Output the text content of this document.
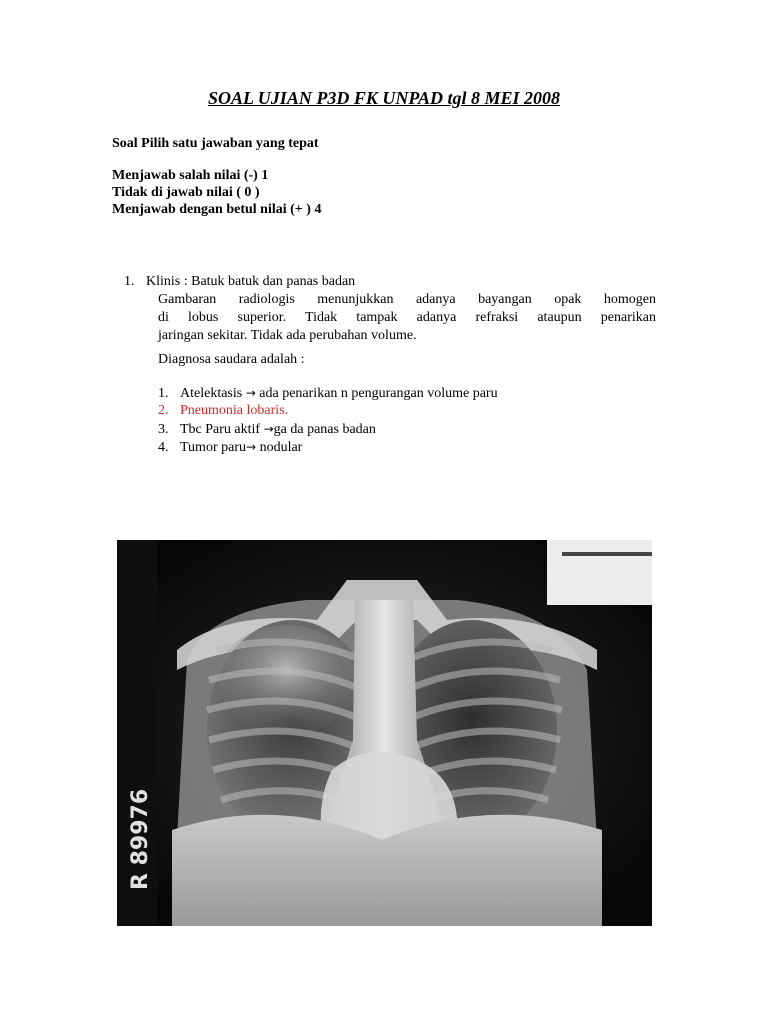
SOAL UJIAN P3D FK UNPAD tgl 8 MEI 2008
Soal Pilih satu jawaban yang tepat
Menjawab salah nilai (-) 1
Tidak di jawab nilai ( 0 )
Menjawab dengan betul nilai (+ ) 4
1. Klinis : Batuk batuk dan panas badan
Gambaran radiologis menunjukkan adanya bayangan opak homogen
di lobus superior. Tidak tampak adanya refraksi ataupun penarikan
jaringan sekitar. Tidak ada perubahan volume.
Diagnosa saudara adalah :
1. Atelektasis → ada penarikan n pengurangan volume paru
2. Pneumonia lobaris.
3. Tbc Paru aktif →ga da panas badan
4. Tumor paru→ nodular
R 89976
